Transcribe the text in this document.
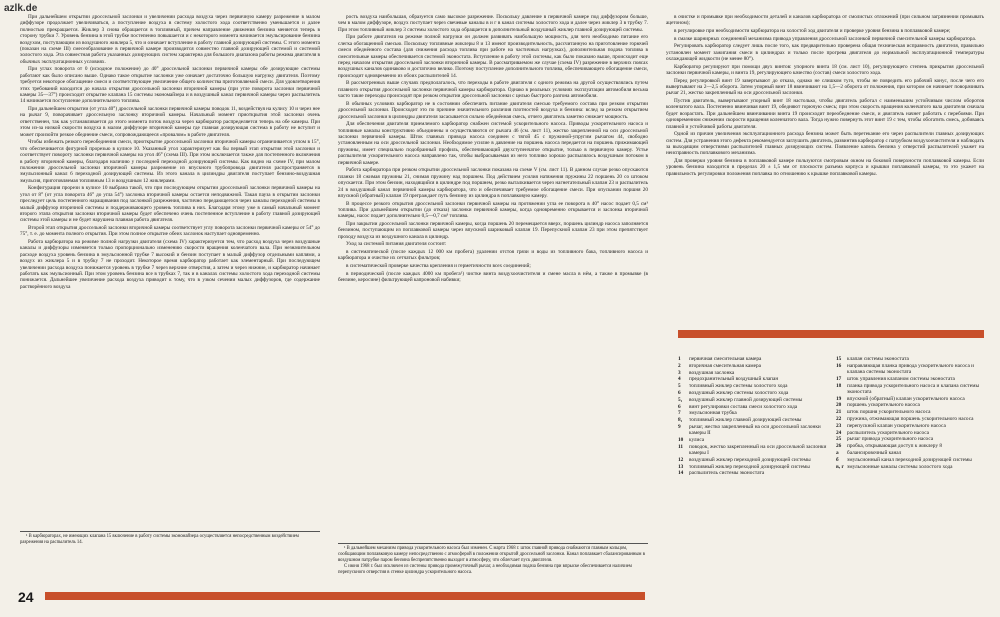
azlk.de

При дальнейшем открытии дроссельной заслонки и увеличении расхода воздуха через первичную камеру разрежение в малом диффузоре продолжает увеличиваться, а поступление воздуха в систему холостого хода соответственно уменьшается и далее полностью прекращается. Жиклер 3 снова обращается в топливный, причем направление движения бензина меняется теперь в сторону трубки 7. Уровень бензина в этой трубке постепенно повышается и с некоторого момента начинается эмульсирование бензина воздухом, поступающим из воздушного жиклера 5, что и означает вступление в работу главной дозирующей системы. С этого момента (показан на схеме III) смесеобразование в первичной камере производится совместно главной дозирующей системой и системой холостого хода. Эта совместная работа указанных дозирующих систем характерна для большого диапазона работы режима двигателя в обычных эксплуатационных условиях.

При углах поворота от 0 (исходное положение) до 40° дроссельной заслонки первичной камеры обе дозирующие системы работают как было описано выше. Однако такое открытие заслонки уже означает достаточно большую нагрузку двигателя. Поэтому требуется некоторое обогащение смеси и соответствующее увеличение общего количества приготовляемой смеси. Для удовлетворения этих требований находится до начала открытия дроссельной заслонки вторичной камеры (при угле поворота заслонки первичной камеры 35—37°) происходит открытие клапана 15 системы экономайзера и в воздушный канал первичной камеры через распылитель 14 начинается поступление дополнительного топлива.

При дальнейшем открытии (от угла 40°) дроссельной заслонки первичной камеры поводок 11, воздействуя на кулису 10 и через нее на рычаг 9, поворачивает дроссельную заслонку вторичной камеры. Начальный момент приоткрытия этой заслонки очень ответственен, так как устанавливается до этого момента поток воздуха через карбюратор распределяется теперь на обе камеры. При этом из-за низкой скорости воздуха в малом диффузоре вторичной камеры где главная дозирующая система в работу не вступит и может произойти резкое обеднение смеси, сопровождающееся «провалом» в работе двигателя.

Чтобы избежать резкого переобеднения смеси, приоткрытие дроссельной заслонки вторичной камеры ограничивается углом в 15°, что обеспечивается фигурной прорезью в кулисе 10. Указанный угол характеризует как бы первый этап открытия этой заслонки и соответствует повороту заслонки первичной камеры на угол 46° (схема III). При этом исключается также для постепенного включения в работу вторичной камеры, благодаря наличию у последней переходной дозирующей системы. Как видно на схеме IV, при малом положении дроссельной заслонки вторичной камеры разрежение из впускного трубопровода двигателя распространяется в эмульсионный канал 6 переходной дозирующей системы. Из этого канала в цилиндры двигателя поступает бензино-воздушная эмульсия, приготовляемая топливным 13 и воздушным 12 жиклерами.

Конфигурация прорези в кулисе 10 выбрана такой, что при последующем открытии дроссельной заслонки первичной камеры на угол от 8° (от угла поворота 46° до угла 54°) заслонка вторичной камеры остается неподвижной. Такая пауза в открытии заслонки преследует цель постепенного наращивания под заслонкой разрежения, частично передающегося через каналы переходной системы в малый диффузор вторичной системы и поддерживающего уровень топлива в них. Благодаря этому уже в самый начальный момент второго этапа открытия заслонки вторичной камеры будет обеспечено очень постепенное вступление в работу главной дозирующей системы этой камеры и не будет нарушена плавная работа двигателя.

Второй этап открытия дроссельной заслонки вторичной камеры соответствует углу поворота заслонки первичной камеры от 54° до 75°, т. е. до момента полного открытия. При этом полное открытие обеих заслонок наступает одновременно.

Работа карбюратора на режиме полной нагрузки двигателя (схема IV) характеризуется тем, что расход воздуха через воздушные каналы и диффузоры изменяется только пропорционально изменению скорости вращения коленчатого вала. При незначительном расходе воздуха уровень бензина в эмульсионной трубке 7 высокий и бензин поступает в малый диффузор отдельными каплями, а воздух из жиклера 5 и в трубку 7 не проходит. Некоторое время карбюратор работает как элементарный. При последующем увеличении расхода воздуха понижается уровень в трубке 7 через верхние отверстия, а затем и через нижние, и карбюратор начинает работать как эмульсионный. При этом уровень бензина все в трубках 7, так и в каналах системы холостого хода переходной системы понижается. Дальнейшее увеличение расхода воздуха приводит к тому, что в узком сечении малых диффузоров, где содержание растворённого воздуха

¹ В карбюраторах, не имеющих клапана 15 включение в работу системы экономайзера осуществляется непосредственным воздействием разрежения на распылитель 14.

рость воздуха наибольшая, образуется само высокое разрежение. Поскольку давление в первичной камере под диффузором больше, чем в малом диффузоре, воздух поступает через свечевые каналы в и г в канал системы холостого хода и далее через жиклер 3 в трубку 7. При этом топливный жиклер 3 системы холостого хода обращается в дополнительный воздушный жиклер главной дозирующей системы.

При работе двигателя на режиме полной нагрузки он должен развивать наибольшую мощность, для чего необходимо питание его слегка обогащенной смесью. Поскольку топливные жиклеры 8 и 13 имеют производительность, рассчитанную на приготовление горючей смеси обеднённого состава (для снижения расхода топлива при работе на частичных нагрузках), дополнительная подача топлива в смесительные камеры обеспечивается системой эконостата. Вступление в работу этой системы, как было показано выше, происходит еще перед началом открытия дроссельной заслонки вторичной камеры. В рассматриваемом же случае (схема IV) разрежение в верхних поясах воздушных каналов одинаково и достаточно велико. Поэтому поступление дополнительного топлива, обеспечивающего обогащение смеси, происходит одновременно из обоих распылителей 14.

В рассмотренных выше случаях предполагалось, что переходы в работе двигателя с одного режима на другой осуществлялись путем плавного открытия дроссельной заслонки первичной камеры карбюратора. Однако в реальных условиях эксплуатации автомобиля весьма часто такие переходы происходят при резком открытии дроссельной заслонки с целью быстрого разгона автомобиля.

В обычных условиях карбюратор не в состоянии обеспечить питание двигателя смесью требуемого состава при резком открытии дроссельной заслонки. Происходит это по причине значительного различия плотностей воздуха и бензина: вслед за резким открытием дроссельной заслонки в цилиндры двигателя засасывается сильно обеднённая смесь, отчего двигатель заметно снижает мощность.

Для обеспечения двигателя приемлемого карбюратор снабжен системой ускорительного насоса. Приводы ускорительного насоса и топливные каналы конструктивно объединены и осуществляются от рычага 46 (см. лист 11), жестко закрепленной на оси дроссельной заслонки первичной камеры. Шток главных привода насоса соединен с тягой 45 с пружиной-упругим рычагом 44, свободно установленным на оси дроссельной заслонки. Необходимое усилие в давление на поршень насоса передается на поршень прижимающей пружины, имеет специально подобранный профиль, обеспечивающий двухступенчатое открытие, только в первичную камеру. Устье распылителя ускорительного насоса направлено так, чтобы выбрасываемая из него топливо хорошо распылялось воздушным потоком в первичной камере.

Работа карбюратора при резком открытии дроссельной заслонки показана на схеме V (см. лист 11). В данном случае резко опускаются планки 18 сжимая пружины 21, снимая пружину над поршнем. Под действием усилия натяжения пружины 22 поршень 20 со штоком опускается. При этом бензин, находящийся в цилиндре под поршнем, резко выталкивается через нагнетательный клапан 23 и распылитель 24 в воздушный канал первичной камеры карбюратора, что и обеспечивает требуемое обогащение смеси. При опускании поршня 20 впускной (обратный) клапан 19 преграждает путь бензину из цилиндра в поплавковую камеру.

В процессе резкого открытия дроссельной заслонки первичной камеры на протяжении угла ее поворота в 40° насос подает 0,5 см³ топлива. При дальнейшем открытии (до отказа) заслонки первичной камеры, когда одновременно открывается и заслонка вторичной камеры, насос подает дополнительно 0,5—0,7 см³ топлива.

При закрытии дроссельной заслонки первичной камеры, когда поршень 20 перемещается вверх, поршень цилиндр насоса заполняется бензином, поступающим из поплавковой камеры через впускной шариковый клапан 19. Перепускной клапан 23 при этом препятствует проходу воздуха из воздушного канала в цилиндр.

Уход за системой питания двигателя состоит:

в систематической (после каждых 12 000 км пробега) удалении отстоя грязи и воды из топливного бака, топливного насоса и карбюратора и очистке их сетчатых фильтров;

в систематической проверке качества крепления и герметичности всех соединений;

в периодической (после каждых 4000 км пробега¹) чистке винта воздухоочистителя и смене масла в нём, а также в промывке (в бензине, керосине) фильтрующей капроновой набивки;

¹ В дальнейшем механизм привода ускорительного насоса был изменен. С марта 1968 г. шток главной привода снабжаются главным кольцом, сообщающим поплавковую камеру непосредственно с атмосферой в положении открытой дроссельной заслонки. Канал поплавкает сбалансированным в воздушном патрубке паром бензина беспрепятственно выходит в атмосферу, что облегчает пуск двигателя.

С июня 1968 г. был исключен из системы привода промежуточный рычаг, а необходимая подача бензина при впрыске обеспечивается наличием перепускного отверстия в стенке цилиндра ускорительного насоса.

в очистке и промывке при необходимости деталей и каналов карбюратора от смолистых отложений (при сильном загрязнении промывать ацетоном);

в регулировке при необходимости карбюратора на холостой ход двигателя и проверке уровня бензина в поплавковой камере;

в смазке шарнирных соединений механизма привода управления дроссельной заслонкой первичной смесительной камеры карбюратора.

Регулировать карбюратор следует лишь после того, как предварительно проверена общая техническая исправность двигателя, правильно установлен момент зажигания смеси в цилиндрах и только после прогрева двигателя до нормальной эксплуатационной температуры охлаждающей жидкости (не менее 80°).

Карбюратор регулируют при помощи двух винтов: упорного винта 18 (см. лист 10), регулирующего степень прикрытия дроссельной заслонки первичной камеры, и винта 19, регулирующего качество (состав) смеси холостого хода.

Перед регулировкой винт 19 завертывают до отказа, однако не слишком туго, чтобы не повредить его рабочий конус, после чего его вывертывают на 2—2,5 оборота. Затем упорный винт 18 ввинчивают на 1,5—2 оборота от положения, при котором он начинает поворачивать рычаг 21, жестко закрепленный на оси дроссельной заслонки.

Пустив двигатель, вывертывают упорный винт 18 настолько, чтобы двигатель работал с наименьшим устойчивым числом оборотов коленчатого вала. Постепенно ввинчивая винт 19, обедняют горючую смесь; при этом скорость вращения коленчатого вала двигателя сначала будет возрастать. При дальнейшем ввинчивании винта 19 происходит переобеднение смеси, и двигатель начнет работать с перебоями. При одновременном снижении скорости вращения коленчатого вала. Тогда нужно повернуть этот винт 19 с тем, чтобы обогатить смесь, добиваясь плавной и устойчивой работы двигателя.

Одной из причин увеличения эксплуатационного расхода бензина может быть перетекание его через распылители главных дозирующих систем. Для устранения этого дефекта рекомендуется заглушить двигатель, развинтив карбюратор с патрубком воздухоочистителя и наблюдать за выходящим отверстиями распылителей главных дозирующих систем. Появление капель бензина у отверстий распылителей укажет на неисправность поплавкового механизма.

Для проверки уровня бензина в поплавковой камере пользуются смотровым окном на боковой поверхности поплавковой камеры. Если уровень бензина находится в пределах 20 ± 1,5 мм от плоскости разъема корпуса и крышки поплавковой камеры, то это укажет на правильность регулировки положения поплавка по отношению к крышке поплавковой камеры.

1	первичная смесительная камера
2	вторичная смесительная камера
3	воздушная заслонка
4	предохранительный воздушный клапан
5	топливный жиклер системы холостого хода
6	воздушный жиклер системы холостого хода
5₁	воздушный жиклер главной дозирующей системы
6	винт регулировки состава смеси холостого хода
7	эмульсионная трубка
8₁	топливный жиклер главной дозирующей системы
9	рычаг, жестко закрепленный на оси дроссельной заслонки камеры II
10	кулиса
11	поводок, жестко закрепленный на оси дроссельной заслонки камеры I
12	воздушный жиклер переходной дозирующей системы
13	топливный жиклер переходной дозирующей системы
14	распылитель системы эконостата
15	клапан системы эконостата
16	направляющая планка привода ускорительного насоса и клапана системы эконостата
17	шток управления клапаном системы эконостата
18	планка привода ускорительного насоса и клапана системы эконостата
19	впускной (обратный) клапан ускорительного насоса
20	поршень ускорительного насоса
21	шток поршня ускорительного насоса
22	пружина, отжимающая поршень ускорительного насоса
23	перепускной клапан ускорительного насоса
24	распылитель ускорительного насоса
25	рычаг привода ускорительного насоса
26	пробка, открывающая доступ к жиклеру 8
а	балансировочный канал
б	эмульсионный канал переходной дозирующей системы
в, г эмульсионные каналы системы холостого хода
24
